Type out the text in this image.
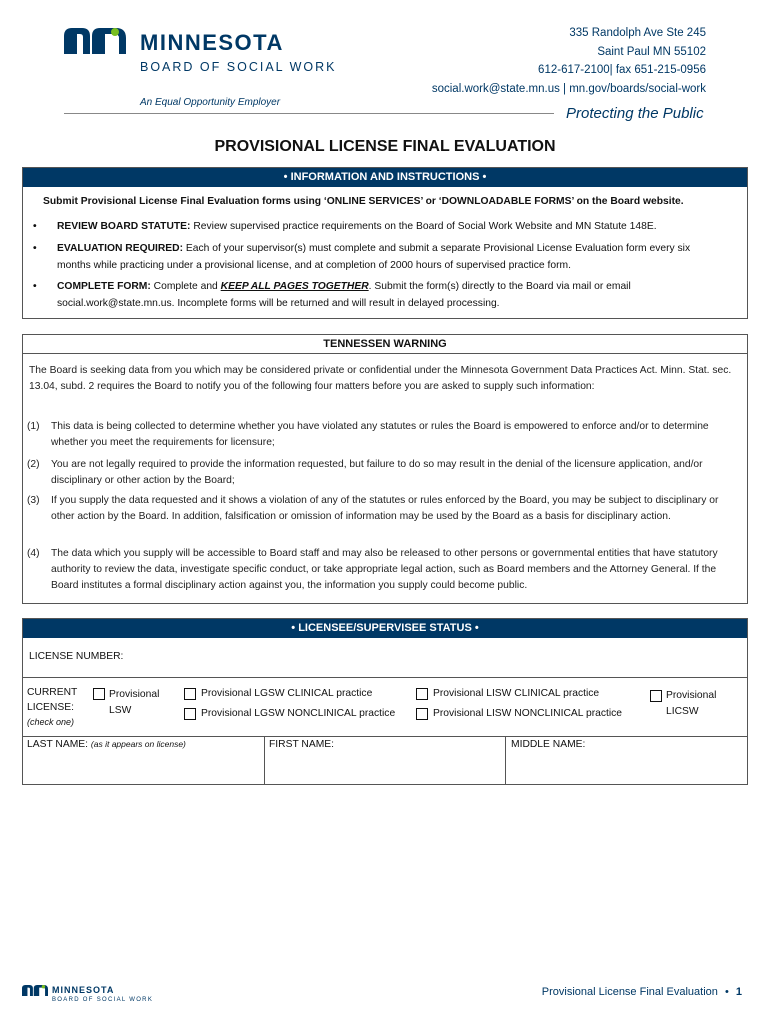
MINNESOTA
BOARD OF SOCIAL WORK
An Equal Opportunity Employer
335 Randolph Ave Ste 245
Saint Paul MN 55102
612-617-2100| fax 651-215-0956
social.work@state.mn.us | mn.gov/boards/social-work
Protecting the Public
PROVISIONAL LICENSE FINAL EVALUATION
• INFORMATION AND INSTRUCTIONS •
Submit Provisional License Final Evaluation forms using ‘ONLINE SERVICES’ or ‘DOWNLOADABLE FORMS’ on the Board website.
• REVIEW BOARD STATUTE: Review supervised practice requirements on the Board of Social Work Website and MN Statute 148E.
• EVALUATION REQUIRED: Each of your supervisor(s) must complete and submit a separate Provisional License Evaluation form every six months while practicing under a provisional license, and at completion of 2000 hours of supervised practice form.
• COMPLETE FORM: Complete and KEEP ALL PAGES TOGETHER. Submit the form(s) directly to the Board via mail or email social.work@state.mn.us. Incomplete forms will be returned and will result in delayed processing.
TENNESSEN WARNING
The Board is seeking data from you which may be considered private or confidential under the Minnesota Government Data Practices Act. Minn. Stat. sec. 13.04, subd. 2 requires the Board to notify you of the following four matters before you are asked to supply such information:
(1) This data is being collected to determine whether you have violated any statutes or rules the Board is empowered to enforce and/or to determine whether you meet the requirements for licensure;
(2) You are not legally required to provide the information requested, but failure to do so may result in the denial of the licensure application, and/or disciplinary or other action by the Board;
(3) If you supply the data requested and it shows a violation of any of the statutes or rules enforced by the Board, you may be subject to disciplinary or other action by the Board. In addition, falsification or omission of information may be used by the Board as a basis for disciplinary action.
(4) The data which you supply will be accessible to Board staff and may also be released to other persons or governmental entities that have statutory authority to review the data, investigate specific conduct, or take appropriate legal action, such as Board members and the Attorney General. If the Board institutes a formal disciplinary action against you, the information you supply could become public.
• LICENSEE/SUPERVISEE STATUS •
LICENSE NUMBER:
CURRENT LICENSE:
(check one)
Provisional LSW
Provisional LGSW CLINICAL practice
Provisional LGSW NONCLINICAL practice
Provisional LISW CLINICAL practice
Provisional LISW NONCLINICAL practice
Provisional LICSW
LAST NAME: (as it appears on license)	FIRST NAME:	MIDDLE NAME:
MINNESOTA
BOARD OF SOCIAL WORK
Provisional License Final Evaluation • 1
